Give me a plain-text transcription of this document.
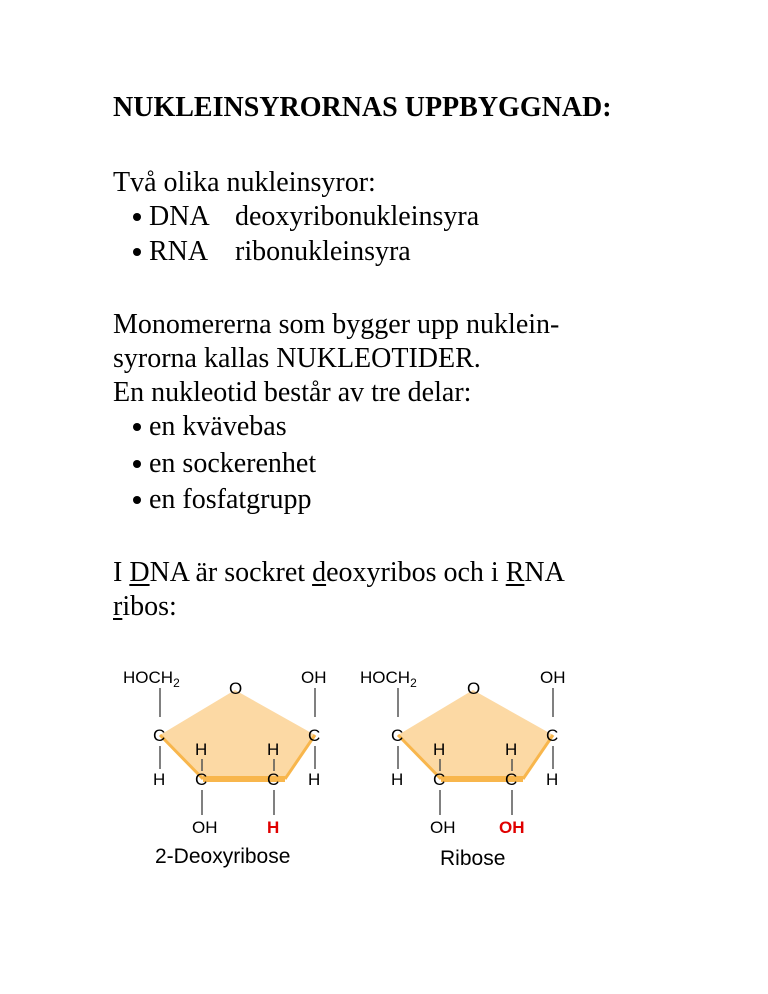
NUKLEINSYRORNAS UPPBYGGNAD:
Två olika nukleinsyror:
DNA deoxyribonukleinsyra
RNA ribonukleinsyra
Monomererna som bygger upp nuklein-
syrorna kallas NUKLEOTIDER.
En nukleotid består av tre delar:
en kvävebas
en sockerenhet
en fosfatgrupp
I DNA är sockret deoxyribos och i RNA
ribos:
$HOCH_2$	O
OH
C	C
H	H
H	H
C	C
OH	H
2-Deoxyribose
$HOCH_2$	O
OH
C	C
H	H
H	H
C	C
OH	OH
Ribose
